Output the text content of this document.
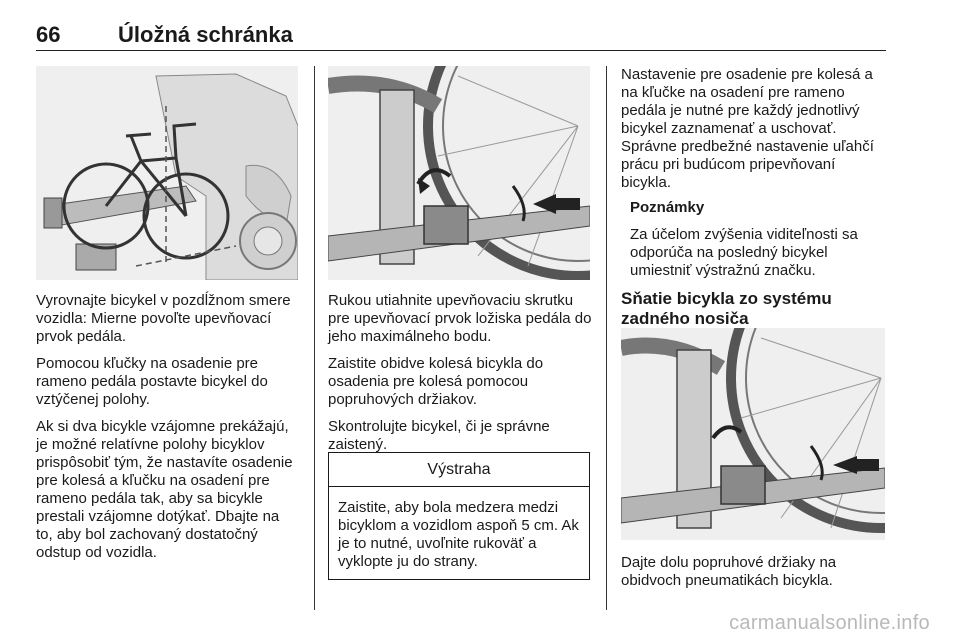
66	Úložná schránka

Vyrovnajte bicykel v pozdĺžnom smere vozidla: Mierne povoľte upevňovací prvok pedála.

Pomocou kľučky na osadenie pre rameno pedála postavte bicykel do vztýčenej polohy.

Ak si dva bicykle vzájomne prekážajú, je možné relatívne polohy bicyklov prispôsobiť tým, že nastavíte osadenie pre kolesá a kľučku na osadení pre rameno pedála tak, aby sa bicykle prestali vzájomne dotýkať. Dbajte na to, aby bol zachovaný dostatočný odstup od vozidla.

Rukou utiahnite upevňovaciu skrutku pre upevňovací prvok ložiska pedála do jeho maximálneho bodu.

Zaistite obidve kolesá bicykla do osadenia pre kolesá pomocou popruhových držiakov.

Skontrolujte bicykel, či je správne zaistený.

Výstraha
Zaistite, aby bola medzera medzi bicyklom a vozidlom aspoň 5 cm. Ak je to nutné, uvoľnite rukoväť a vyklopte ju do strany.

Nastavenie pre osadenie pre kolesá a na kľučke na osadení pre rameno pedála je nutné pre každý jednotlivý bicykel zaznamenať a uschovať. Správne predbežné nastavenie uľahčí prácu pri budúcom pripevňovaní bicykla.

Poznámky

Za účelom zvýšenia viditeľnosti sa odporúča na posledný bicykel umiestniť výstražnú značku.

Sňatie bicykla zo systému zadného nosiča

Dajte dolu popruhové držiaky na obidvoch pneumatikách bicykla.

carmanualsonline.info
